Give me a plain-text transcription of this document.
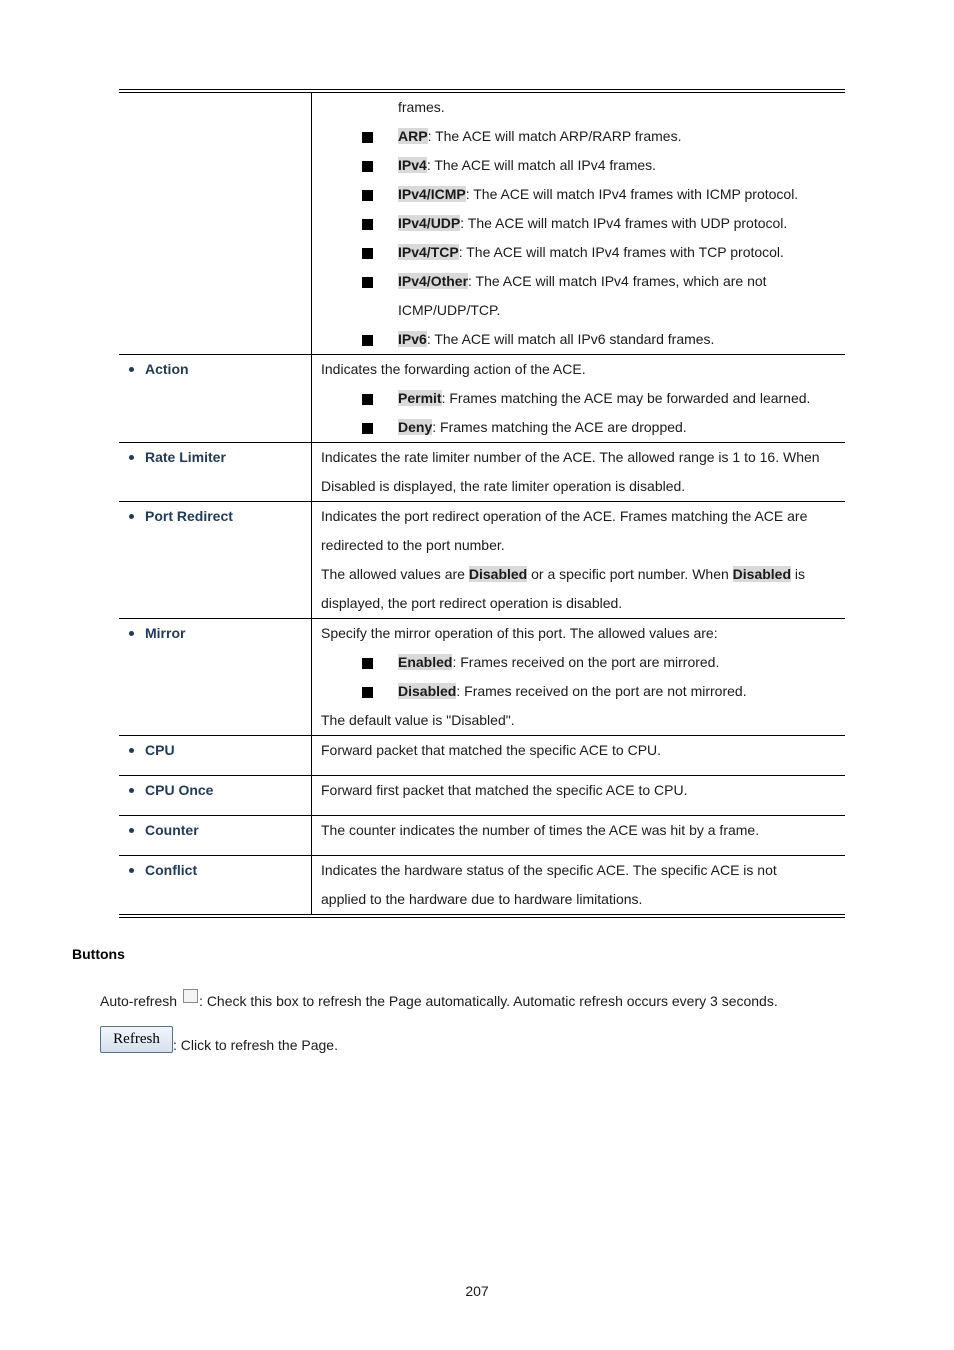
frames.
ARP: The ACE will match ARP/RARP frames.
IPv4: The ACE will match all IPv4 frames.
IPv4/ICMP: The ACE will match IPv4 frames with ICMP protocol.
IPv4/UDP: The ACE will match IPv4 frames with UDP protocol.
IPv4/TCP: The ACE will match IPv4 frames with TCP protocol.
IPv4/Other: The ACE will match IPv4 frames, which are not
ICMP/UDP/TCP.
IPv6: The ACE will match all IPv6 standard frames.
Action	Indicates the forwarding action of the ACE.
Permit: Frames matching the ACE may be forwarded and learned.
Deny: Frames matching the ACE are dropped.
Rate Limiter	Indicates the rate limiter number of the ACE. The allowed range is 1 to 16. When
Disabled is displayed, the rate limiter operation is disabled.
Port Redirect	Indicates the port redirect operation of the ACE. Frames matching the ACE are
redirected to the port number.
The allowed values are Disabled or a specific port number. When Disabled is
displayed, the port redirect operation is disabled.
Mirror	Specify the mirror operation of this port. The allowed values are:
Enabled: Frames received on the port are mirrored.
Disabled: Frames received on the port are not mirrored.
The default value is "Disabled".
CPU	Forward packet that matched the specific ACE to CPU.
CPU Once	Forward first packet that matched the specific ACE to CPU.
Counter	The counter indicates the number of times the ACE was hit by a frame.
Conflict	Indicates the hardware status of the specific ACE. The specific ACE is not
applied to the hardware due to hardware limitations.
Buttons
Auto-refresh : Check this box to refresh the Page automatically. Automatic refresh occurs every 3 seconds.
Refresh : Click to refresh the Page.
207
